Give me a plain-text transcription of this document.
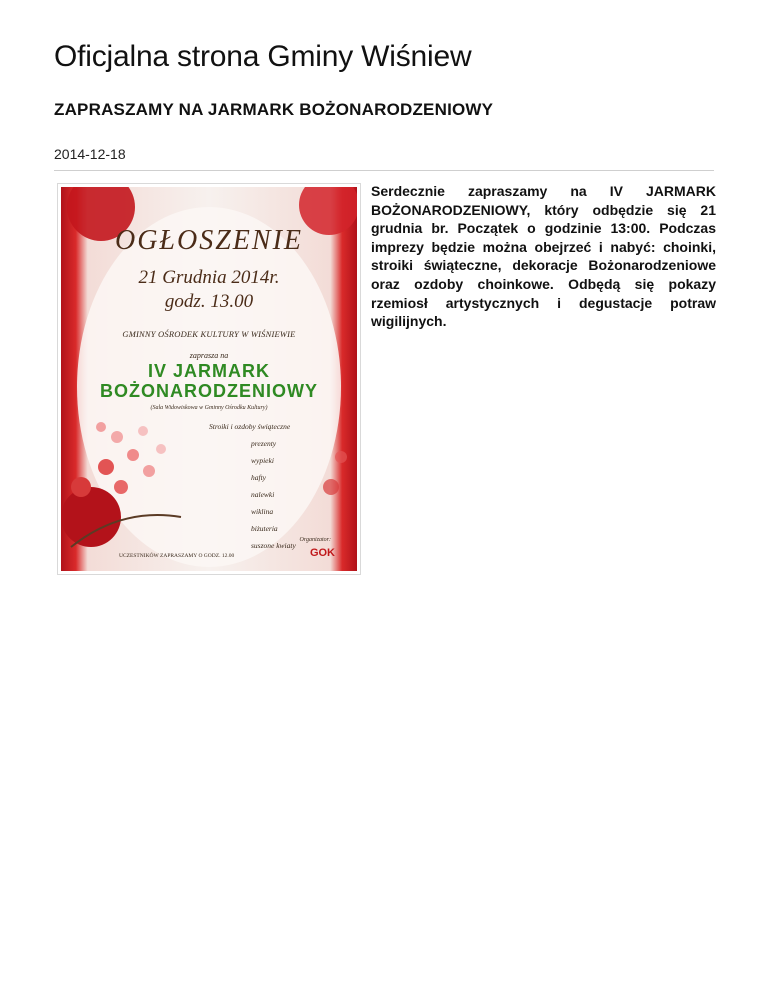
Oficjalna strona Gminy Wiśniew
ZAPRASZAMY NA JARMARK BOŻONARODZENIOWY
2014-12-18
OGŁOSZENIE
21 Grudnia 2014r.
godz. 13.00
GMINNY OŚRODEK KULTURY W WIŚNIEWIE
zaprasza na
IV JARMARK
BOŻONARODZENIOWY
(Sala Widowiskowa w Gminny Ośrodku Kultury)
Stroiki i ozdoby świąteczne
prezenty
wypieki
hafty
nalewki
wiklina
biżuteria
suszone kwiaty
Organizator:
UCZESTNIKÓW ZAPRASZAMY O GODZ. 12.00	GOK

Serdecznie zapraszamy na IV JARMARK BOŻONARODZENIOWY, który odbędzie się 21 grudnia br. Początek o godzinie 13:00. Podczas imprezy będzie można obejrzeć i nabyć: choinki, stroiki świąteczne, dekoracje Bożonarodzeniowe oraz ozdoby choinkowe. Odbędą się pokazy rzemiosł artystycznych i degustacje potraw wigilijnych.
